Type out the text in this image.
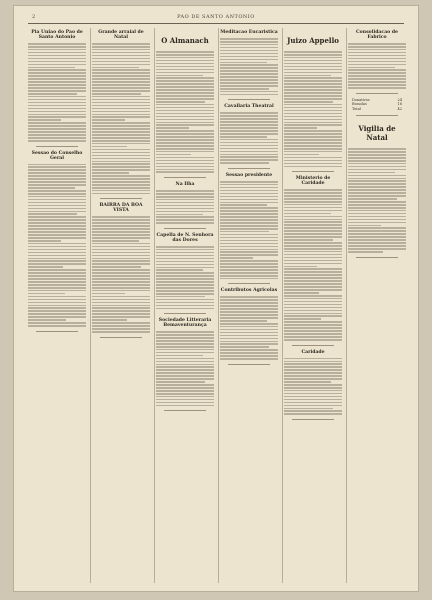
2	PAO DE SANTO ANTONIO
Pia Uniao do Pao de Santo Antonio
Sessao do Conselho Geral
Grande arraial de Natal
BAIRRA DA BOA VISTA
O Almanach
Na Ilha
Capella de N. Senhora das Dores
Sociedade Litteraria Bemaventurança
Meditacao Eucaristica
Cavallaria Theatral
Sessao presidente
Contributos Agricolas
Juizo Appello
Ministerio de Caridade
Caridade
Consolidacao de Fabrico
Donativos	24
Esmolas	18
Total	42
Vigilia de Natal
